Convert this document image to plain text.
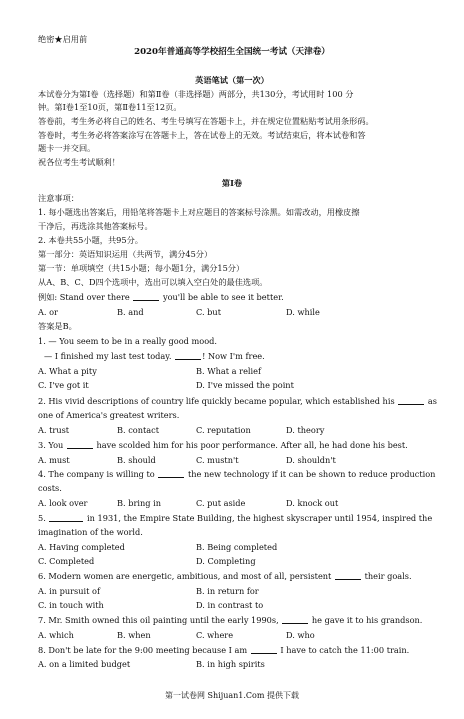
绝密★启用前
2020年普通高等学校招生全国统一考试（天津卷）
英语笔试（第一次）
本试卷分为第Ⅰ卷（选择题）和第Ⅱ卷（非选择题）两部分，共130分，考试用时 100 分
钟。第Ⅰ卷1至10页，第Ⅱ卷11至12页。
答卷前，考生务必将自己的姓名、考生号填写在答题卡上，并在规定位置粘贴考试用条形码。
答卷时，考生务必将答案涂写在答题卡上，答在试卷上的无效。考试结束后，将本试卷和答
题卡一并交回。
祝各位考生考试顺利！
第Ⅰ卷
注意事项：
1. 每小题选出答案后，用铅笔将答题卡上对应题目的答案标号涂黑。如需改动，用橡皮擦
干净后，再选涂其他答案标号。
2. 本卷共55小题，共95分。
第一部分：英语知识运用（共两节，满分45分）
第一节：单项填空（共15小题；每小题1分，满分15分）
从A、B、C、D四个选项中，选出可以填入空白处的最佳选项。
例如: Stand over there	you'll be able to see it better.
A. or	B. and	C. but	D. while
答案是B。
1. — You seem to be in a really good mood.
— I finished my last test today.	! Now I'm free.
A. What a pity	B. What a relief
C. I've got it	D. I've missed the point
2. His vivid descriptions of country life quickly became popular, which established his	as
one of America's greatest writers.
A. trust	B. contact	C. reputation	D. theory
3. You	have scolded him for his poor performance. After all, he had done his best.
A. must	B. should	C. mustn't	D. shouldn't
4. The company is willing to	the new technology if it can be shown to reduce production
costs.
A. look over	B. bring in	C. put aside	D. knock out
5.	in 1931, the Empire State Building, the highest skyscraper until 1954, inspired the
imagination of the world.
A. Having completed	B. Being completed
C. Completed	D. Completing
6. Modern women are energetic, ambitious, and most of all, persistent	their goals.
A. in pursuit of	B. in return for
C. in touch with	D. in contrast to
7. Mr. Smith owned this oil painting until the early 1990s,	he gave it to his grandson.
A. which	B. when	C. where	D. who
8. Don't be late for the 9:00 meeting because I am	I have to catch the 11:00 train.
A. on a limited budget	B. in high spirits
第一试卷网 Shijuan1.Com 提供下载
